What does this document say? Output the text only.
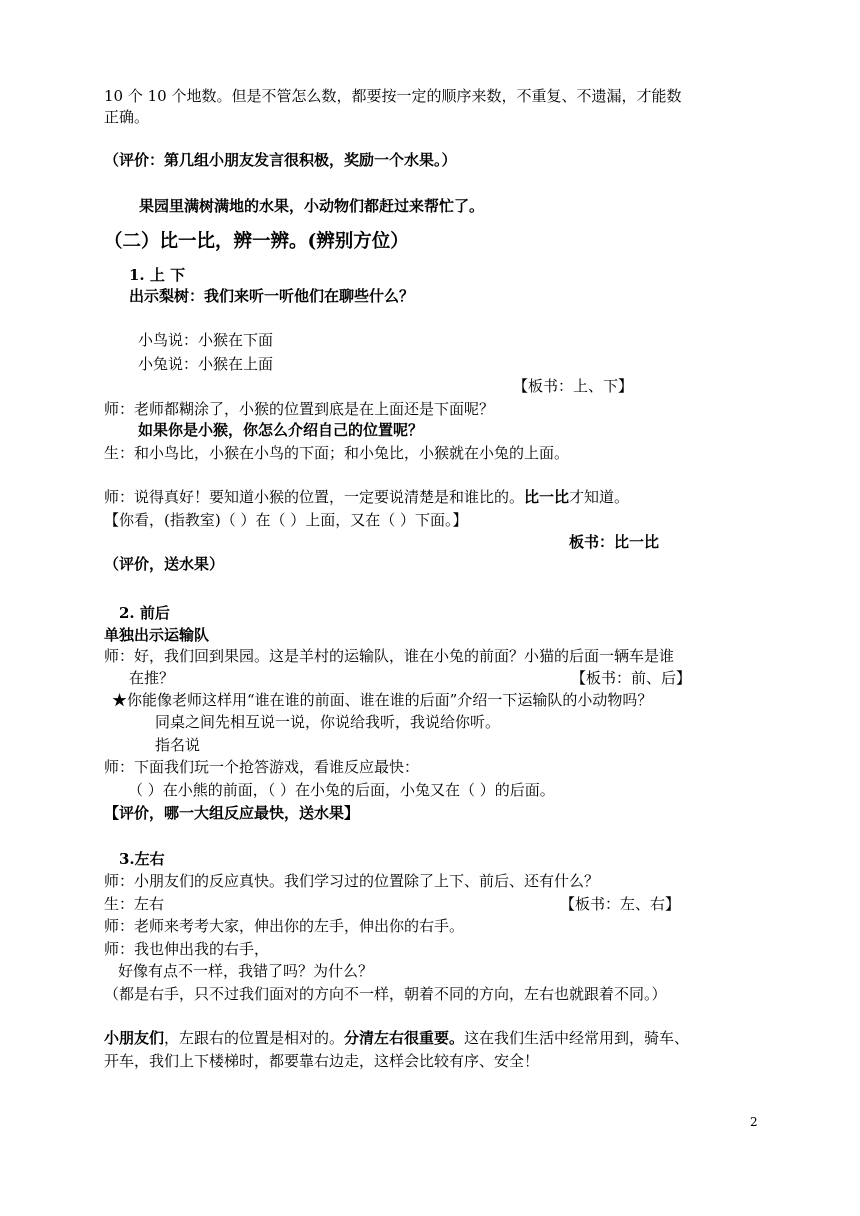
10 个 10 个地数。但是不管怎么数，都要按一定的顺序来数，不重复、不遗漏，才能数
正确。
（评价：第几组小朋友发言很积极，奖励一个水果。）
果园里满树满地的水果，小动物们都赶过来帮忙了。
（二）比一比，辨一辨。(辨别方位）
1. 上 下
出示梨树：我们来听一听他们在聊些什么？
小鸟说：小猴在下面
小兔说：小猴在上面
【板书：上、下】
师：老师都糊涂了，小猴的位置到底是在上面还是下面呢？
如果你是小猴，你怎么介绍自己的位置呢？
生：和小鸟比，小猴在小鸟的下面；和小兔比，小猴就在小兔的上面。
师：说得真好！要知道小猴的位置，一定要说清楚是和谁比的。比一比才知道。
【你看，(指教室)（ ）在（ ）上面，又在（ ）下面。】
板书：比一比
（评价，送水果）
2. 前后
单独出示运输队
师：好，我们回到果园。这是羊村的运输队，谁在小兔的前面？小猫的后面一辆车是谁
在推？	【板书：前、后】
★你能像老师这样用“谁在谁的前面、谁在谁的后面”介绍一下运输队的小动物吗？
同桌之间先相互说一说，你说给我听，我说给你听。
指名说
师：下面我们玩一个抢答游戏，看谁反应最快：
（ ）在小熊的前面，（ ）在小兔的后面，小兔又在（ ）的后面。
【评价，哪一大组反应最快，送水果】
3.左右
师：小朋友们的反应真快。我们学习过的位置除了上下、前后、还有什么？
生：左右	【板书：左、右】
师：老师来考考大家，伸出你的左手，伸出你的右手。
师：我也伸出我的右手，
好像有点不一样，我错了吗？为什么？
（都是右手，只不过我们面对的方向不一样，朝着不同的方向，左右也就跟着不同。）
小朋友们，左跟右的位置是相对的。分清左右很重要。这在我们生活中经常用到，骑车、
开车，我们上下楼梯时，都要靠右边走，这样会比较有序、安全！
2
